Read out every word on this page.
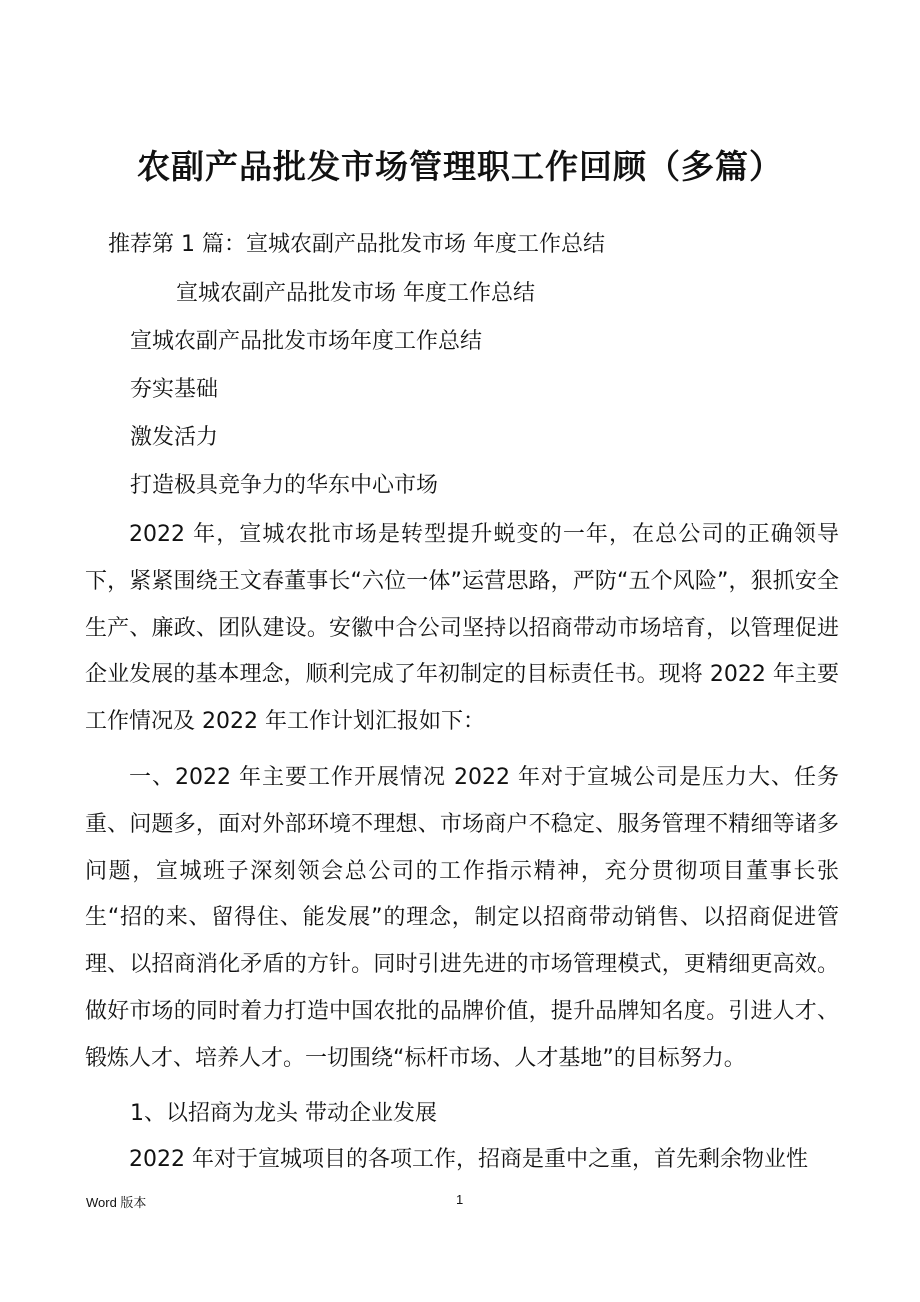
农副产品批发市场管理职工作回顾（多篇）
推荐第 1 篇：宣城农副产品批发市场 年度工作总结
宣城农副产品批发市场 年度工作总结
宣城农副产品批发市场年度工作总结
夯实基础
激发活力
打造极具竞争力的华东中心市场

2022 年，宣城农批市场是转型提升蜕变的一年，在总公司的正确领导下，紧紧围绕王文春董事长“六位一体”运营思路，严防“五个风险”，狠抓安全生产、廉政、团队建设。安徽中合公司坚持以招商带动市场培育，以管理促进企业发展的基本理念，顺利完成了年初制定的目标责任书。现将 2022 年主要工作情况及 2022 年工作计划汇报如下：

一、2022 年主要工作开展情况 2022 年对于宣城公司是压力大、任务重、问题多，面对外部环境不理想、市场商户不稳定、服务管理不精细等诸多问题，宣城班子深刻领会总公司的工作指示精神，充分贯彻项目董事长张生“招的来、留得住、能发展”的理念，制定以招商带动销售、以招商促进管理、以招商消化矛盾的方针。同时引进先进的市场管理模式，更精细更高效。做好市场的同时着力打造中国农批的品牌价值，提升品牌知名度。引进人才、锻炼人才、培养人才。一切围绕“标杆市场、人才基地”的目标努力。

1、以招商为龙头 带动企业发展

2022 年对于宣城项目的各项工作，招商是重中之重，首先剩余物业性

Word 版本	1
